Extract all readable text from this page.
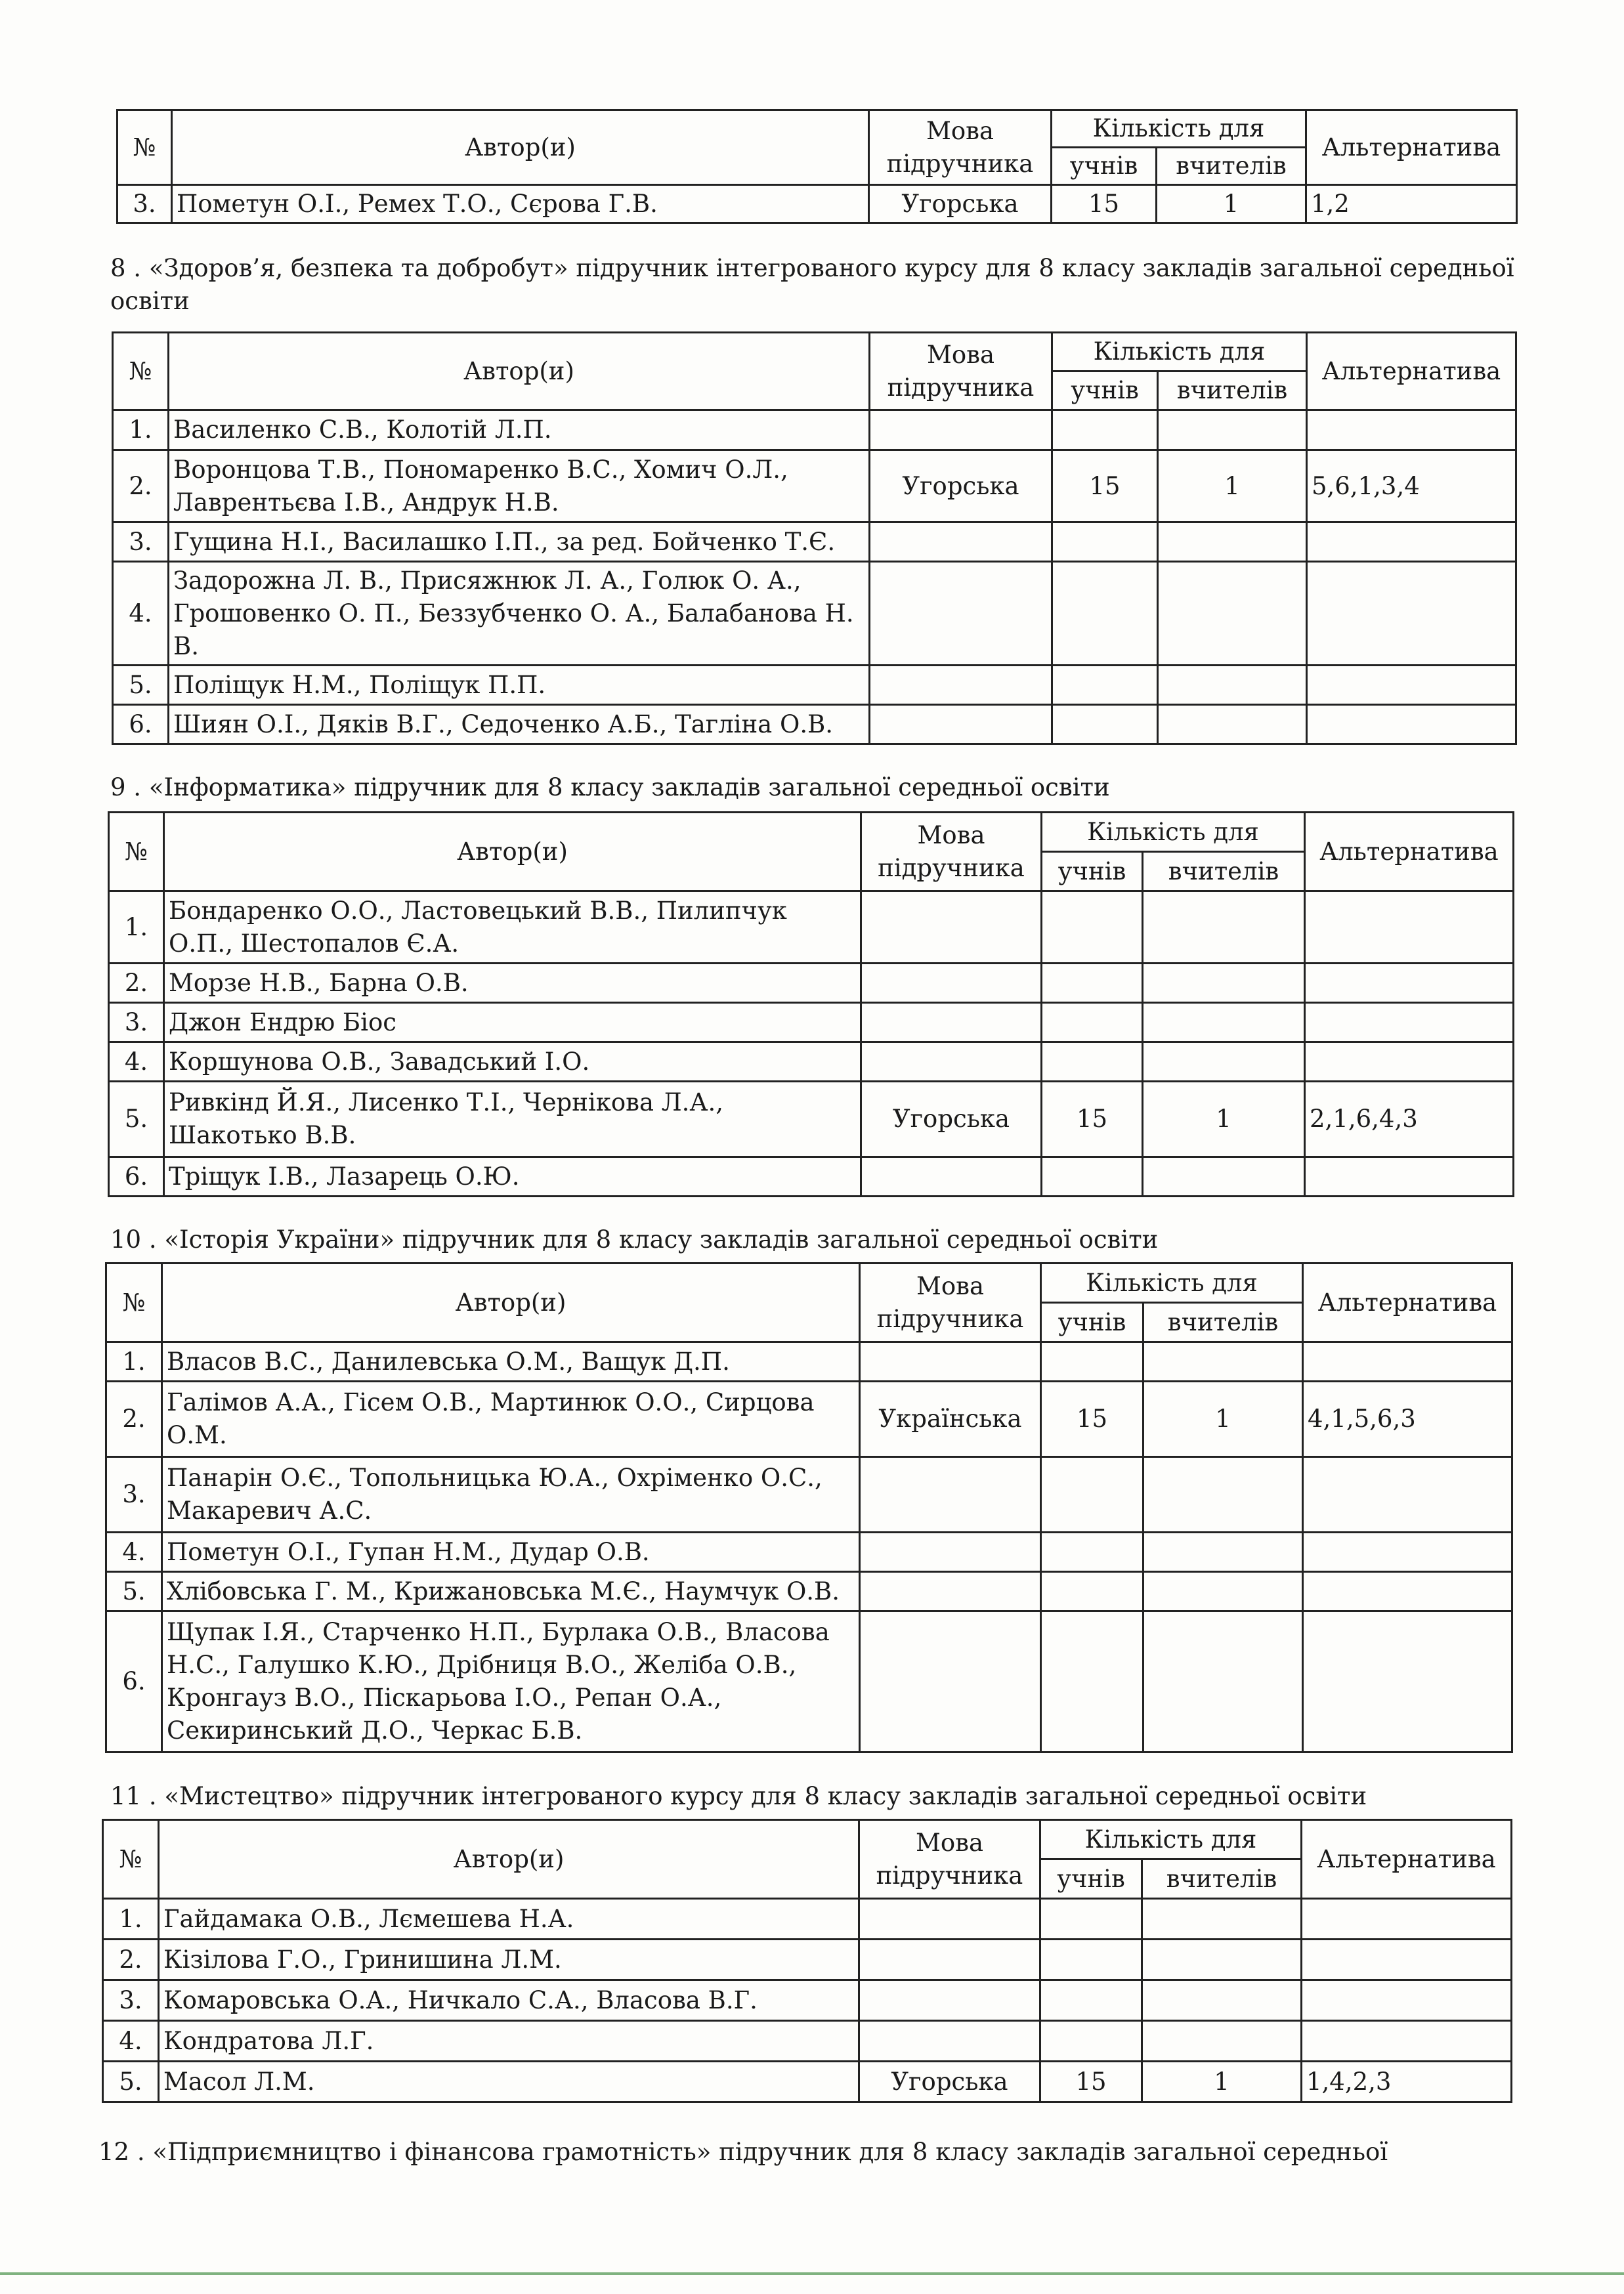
№	Автор(и)	Мова
підручника	Кількість для		Альтернатива
			учнів	вчителів	
3.	Пометун О.І., Ремех Т.О., Сєрова Г.В.	Угорська	15	1	1,2
8 . «Здоров’я, безпека та добробут» підручник інтегрованого курсу для 8 класу закладів загальної середньої освіти
№	Автор(и)	Мова
підручника	Кількість для		Альтернатива
			учнів	вчителів	
1.	Василенко С.В., Колотій Л.П.				
2.	Воронцова Т.В., Пономаренко В.С., Хомич О.Л., Лаврентьєва І.В., Андрук Н.В.	Угорська	15	1	5,6,1,3,4
3.	Гущина Н.І., Василашко І.П., за ред. Бойченко Т.Є.				
4.	Задорожна Л. В., Присяжнюк Л. А., Голюк О. А., Грошовенко О. П., Беззубченко О. А., Балабанова Н. В.				
5.	Поліщук Н.М., Поліщук П.П.				
6.	Шиян О.І., Дяків В.Г., Седоченко А.Б., Тагліна О.В.				
9 . «Інформатика» підручник для 8 класу закладів загальної середньої освіти
№	Автор(и)	Мова
підручника	Кількість для		Альтернатива
			учнів	вчителів	
1.	Бондаренко О.О., Ластовецький В.В., Пилипчук О.П., Шестопалов Є.А.				
2.	Морзе Н.В., Барна О.В.				
3.	Джон Ендрю Біос				
4.	Коршунова О.В., Завадський І.О.				
5.	Ривкінд Й.Я., Лисенко Т.І., Чернікова Л.А., Шакотько В.В.	Угорська	15	1	2,1,6,4,3
6.	Тріщук І.В., Лазарець О.Ю.				
10 . «Історія України» підручник для 8 класу закладів загальної середньої освіти
№	Автор(и)	Мова
підручника	Кількість для		Альтернатива
			учнів	вчителів	
1.	Власов В.С., Данилевська О.М., Ващук Д.П.				
2.	Галімов А.А., Гісем О.В., Мартинюк О.О., Сирцова О.М.	Українська	15	1	4,1,5,6,3
3.	Панарін О.Є., Топольницька Ю.А., Охріменко О.С., Макаревич А.С.				
4.	Пометун О.І., Гупан Н.М., Дудар О.В.				
5.	Хлібовська Г. М., Крижановська М.Є., Наумчук О.В.				
6.	Щупак І.Я., Старченко Н.П., Бурлака О.В., Власова Н.С., Галушко К.Ю., Дрібниця В.О., Желіба О.В., Кронгауз В.О., Піскарьова І.О., Репан О.А., Секиринський Д.О., Черкас Б.В.				
11 . «Мистецтво» підручник інтегрованого курсу для 8 класу закладів загальної середньої освіти
№	Автор(и)	Мова
підручника	Кількість для		Альтернатива
			учнів	вчителів	
1.	Гайдамака О.В., Лємешева Н.А.				
2.	Кізілова Г.О., Гринишина Л.М.				
3.	Комаровська О.А., Ничкало С.А., Власова В.Г.				
4.	Кондратова Л.Г.				
5.	Масол Л.М.	Угорська	15	1	1,4,2,3
12 . «Підприємництво і фінансова грамотність» підручник для 8 класу закладів загальної середньої
